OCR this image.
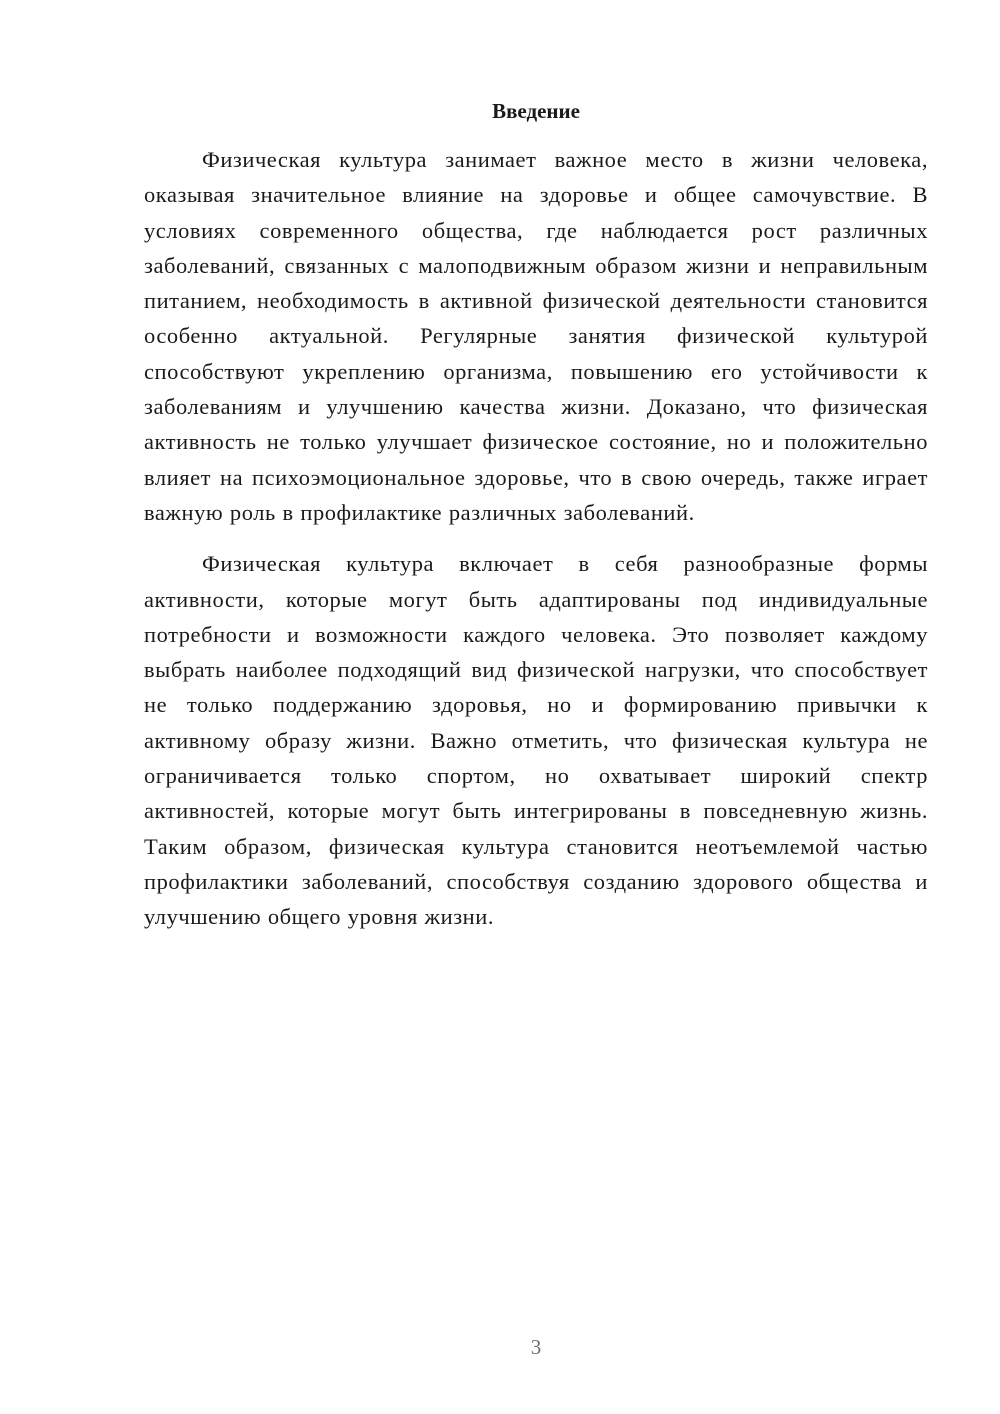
Введение

Физическая культура занимает важное место в жизни человека, оказывая значительное влияние на здоровье и общее самочувствие. В условиях современного общества, где наблюдается рост различных заболеваний, связанных с малоподвижным образом жизни и неправильным питанием, необходимость в активной физической деятельности становится особенно актуальной. Регулярные занятия физической культурой способствуют укреплению организма, повышению его устойчивости к заболеваниям и улучшению качества жизни. Доказано, что физическая активность не только улучшает физическое состояние, но и положительно влияет на психоэмоциональное здоровье, что в свою очередь, также играет важную роль в профилактике различных заболеваний.

Физическая культура включает в себя разнообразные формы активности, которые могут быть адаптированы под индивидуальные потребности и возможности каждого человека. Это позволяет каждому выбрать наиболее подходящий вид физической нагрузки, что способствует не только поддержанию здоровья, но и формированию привычки к активному образу жизни. Важно отметить, что физическая культура не ограничивается только спортом, но охватывает широкий спектр активностей, которые могут быть интегрированы в повседневную жизнь. Таким образом, физическая культура становится неотъемлемой частью профилактики заболеваний, способствуя созданию здорового общества и улучшению общего уровня жизни.

3
